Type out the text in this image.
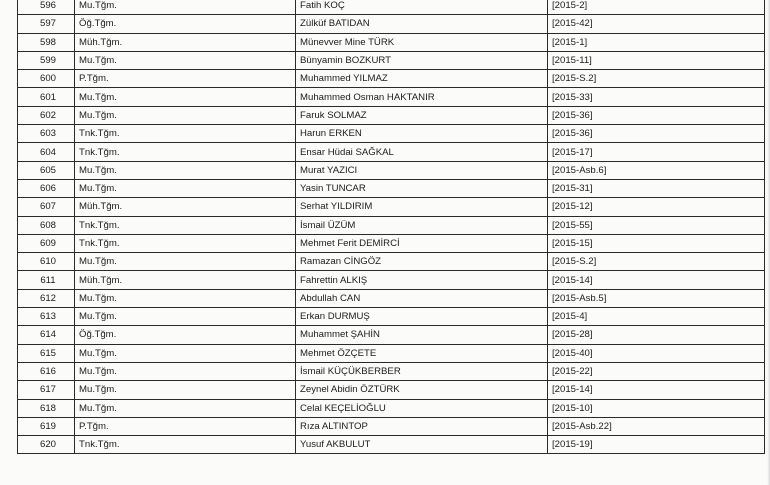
596	Mu.Tğm.	Fatih KOÇ	[2015-2]
597	Öğ.Tğm.	Zülküf BATIDAN	[2015-42]
598	Müh.Tğm.	Münevver Mine TÜRK	[2015-1]
599	Mu.Tğm.	Bünyamin BOZKURT	[2015-11]
600	P.Tğm.	Muhammed YILMAZ	[2015-S.2]
601	Mu.Tğm.	Muhammed Osman HAKTANIR	[2015-33]
602	Mu.Tğm.	Faruk SOLMAZ	[2015-36]
603	Tnk.Tğm.	Harun ERKEN	[2015-36]
604	Tnk.Tğm.	Ensar Hüdai SAĞKAL	[2015-17]
605	Mu.Tğm.	Murat YAZICI	[2015-Asb.6]
606	Mu.Tğm.	Yasin TUNCAR	[2015-31]
607	Müh.Tğm.	Serhat YILDIRIM	[2015-12]
608	Tnk.Tğm.	İsmail ÜZÜM	[2015-55]
609	Tnk.Tğm.	Mehmet Ferit DEMİRCİ	[2015-15]
610	Mu.Tğm.	Ramazan CİNGÖZ	[2015-S.2]
611	Müh.Tğm.	Fahrettin ALKIŞ	[2015-14]
612	Mu.Tğm.	Abdullah CAN	[2015-Asb.5]
613	Mu.Tğm.	Erkan DURMUŞ	[2015-4]
614	Öğ.Tğm.	Muhammet ŞAHİN	[2015-28]
615	Mu.Tğm.	Mehmet ÖZÇETE	[2015-40]
616	Mu.Tğm.	İsmail KÜÇÜKBERBER	[2015-22]
617	Mu.Tğm.	Zeynel Abidin ÖZTÜRK	[2015-14]
618	Mu.Tğm.	Celal KEÇELİOĞLU	[2015-10]
619	P.Tğm.	Rıza ALTINTOP	[2015-Asb.22]
620	Tnk.Tğm.	Yusuf AKBULUT	[2015-19]
